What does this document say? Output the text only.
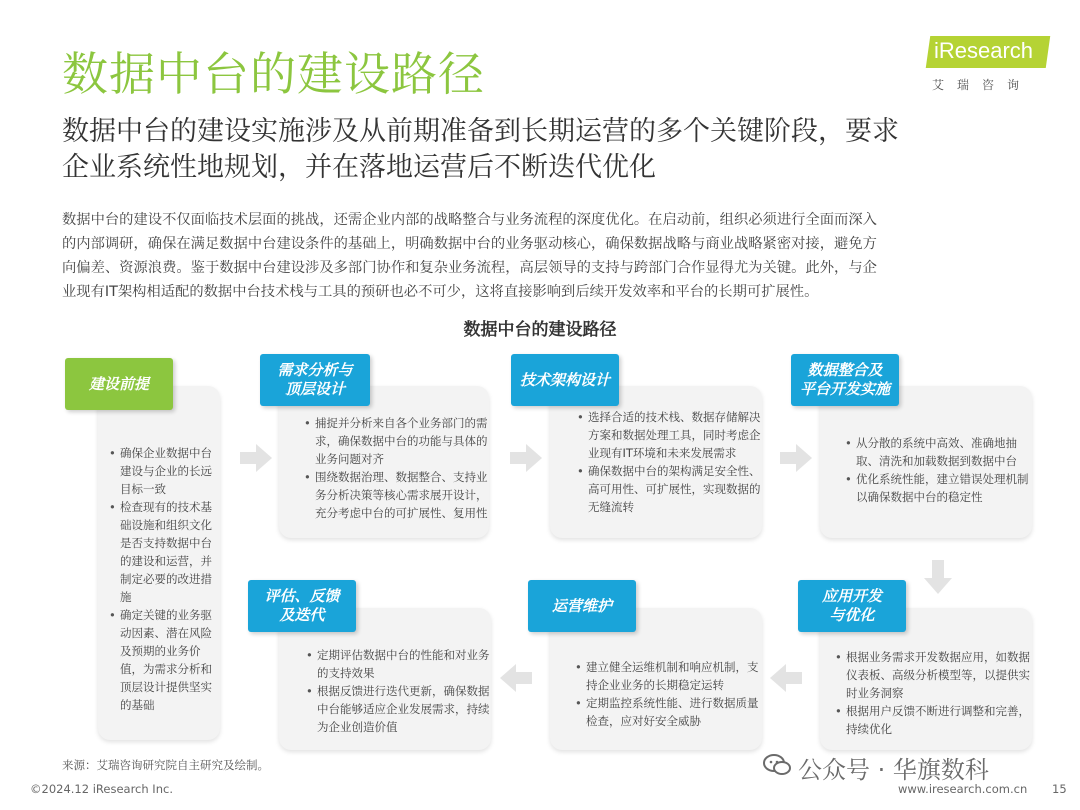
数据中台的建设路径	iResearch
艾瑞咨询
数据中台的建设实施涉及从前期准备到长期运营的多个关键阶段，要求
企业系统性地规划，并在落地运营后不断迭代优化
数据中台的建设不仅面临技术层面的挑战，还需企业内部的战略整合与业务流程的深度优化。在启动前，组织必须进行全面而深入
的内部调研，确保在满足数据中台建设条件的基础上，明确数据中台的业务驱动核心，确保数据战略与商业战略紧密对接，避免方
向偏差、资源浪费。鉴于数据中台建设涉及多部门协作和复杂业务流程，高层领导的支持与跨部门合作显得尤为关键。此外，与企
业现有IT架构相适配的数据中台技术栈与工具的预研也必不可少，这将直接影响到后续开发效率和平台的长期可扩展性。
数据中台的建设路径
• 确保企业数据中台建设与企业的长远目标一致
• 检查现有的技术基础设施和组织文化是否支持数据中台的建设和运营，并制定必要的改进措施
• 确定关键的业务驱动因素、潜在风险及预期的业务价值，为需求分析和顶层设计提供坚实的基础
建设前提
• 捕捉并分析来自各个业务部门的需求，确保数据中台的功能与具体的业务问题对齐
• 围绕数据治理、数据整合、支持业务分析决策等核心需求展开设计，充分考虑中台的可扩展性、复用性
需求分析与
顶层设计
• 选择合适的技术栈、数据存储解决方案和数据处理工具，同时考虑企业现有IT环境和未来发展需求
• 确保数据中台的架构满足安全性、高可用性、可扩展性，实现数据的无缝流转
技术架构设计
• 从分散的系统中高效、准确地抽取、清洗和加载数据到数据中台
• 优化系统性能，建立错误处理机制以确保数据中台的稳定性
数据整合及
平台开发实施
• 根据业务需求开发数据应用，如数据仪表板、高级分析模型等，以提供实时业务洞察
• 根据用户反馈不断进行调整和完善，持续优化
应用开发
与优化
• 建立健全运维机制和响应机制，支持企业业务的长期稳定运转
• 定期监控系统性能、进行数据质量检查，应对好安全威胁
运营维护
• 定期评估数据中台的性能和对业务的支持效果
• 根据反馈进行迭代更新，确保数据中台能够适应企业发展需求，持续为企业创造价值
评估、反馈
及迭代
来源：艾瑞咨询研究院自主研究及绘制。
©2024.12 iResearch Inc.	www.iresearch.com.cn 15
公众号 · 华旗数科
